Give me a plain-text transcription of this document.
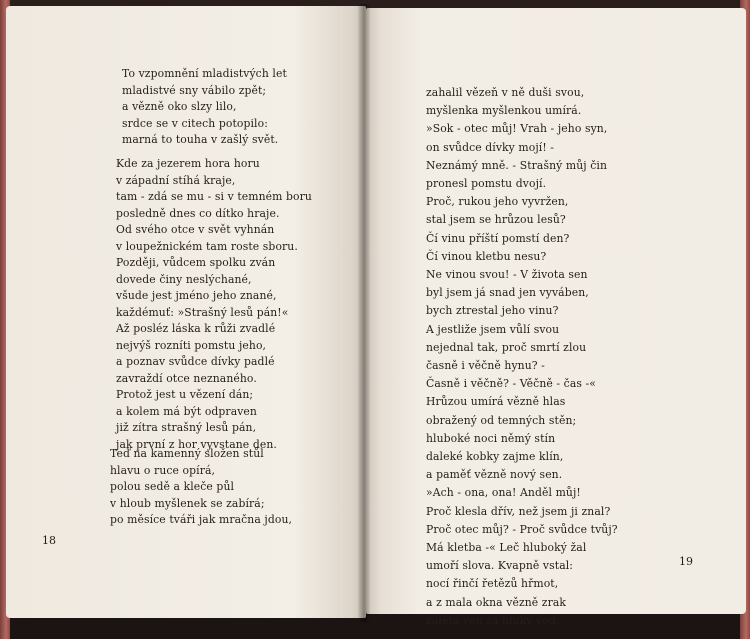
To vzpomnění mladistvých let
mladistvé sny vábilo zpět;
a vězně oko slzy lilo,
srdce se v citech potopilo:
marná to touha v zašlý svět.
Kde za jezerem hora horu
v západní stíhá kraje,
tam - zdá se mu - si v temném boru
posledně dnes co dítko hraje.
Od svého otce v svět vyhnán
v loupežnickém tam roste sboru.
Později, vůdcem spolku zván
dovede činy neslýchané,
všude jest jméno jeho znané,
každémuť: »Strašný lesů pán!«
Až posléz láska k růži zvadlé
nejvýš rozníti pomstu jeho,
a poznav svůdce dívky padlé
zavraždí otce neznaného.
Protož jest u vězení dán;
a kolem má být odpraven
již zítra strašný lesů pán,
jak první z hor vyvstane den.
Teď na kamenný složen stůl
hlavu o ruce opírá,
polou sedě a kleče půl
v hloub myšlenek se zabírá;
po měsíce tváři jak mračna jdou,
18
zahalil vězeň v ně duši svou,
myšlenka myšlenkou umírá.
»Sok - otec můj! Vrah - jeho syn,
on svůdce dívky mojí! -
Neznámý mně. - Strašný můj čin
pronesl pomstu dvojí.
Proč, rukou jeho vyvržen,
stal jsem se hrůzou lesů?
Čí vinu příští pomstí den?
Čí vinou kletbu nesu?
Ne vinou svou! - V života sen
byl jsem já snad jen vyváben,
bych ztrestal jeho vinu?
A jestliže jsem vůlí svou
nejednal tak, proč smrtí zlou
časně i věčně hynu? -
Časně i věčně? - Věčně - čas -«
Hrůzou umírá vězně hlas
obražený od temných stěn;
hluboké noci němý stín
daleké kobky zajme klín,
a paměť vězně nový sen.
»Ach - ona, ona! Anděl můj!
Proč klesla dřív, než jsem ji znal?
Proč otec můj? - Proč svůdce tvůj?
Má kletba -« Leč hluboký žal
umoří slova. Kvapně vstal:
nocí řinčí řetězů hřmot,
a z mala okna vězně zrak
zalétá ven za hluky vod. -
19
